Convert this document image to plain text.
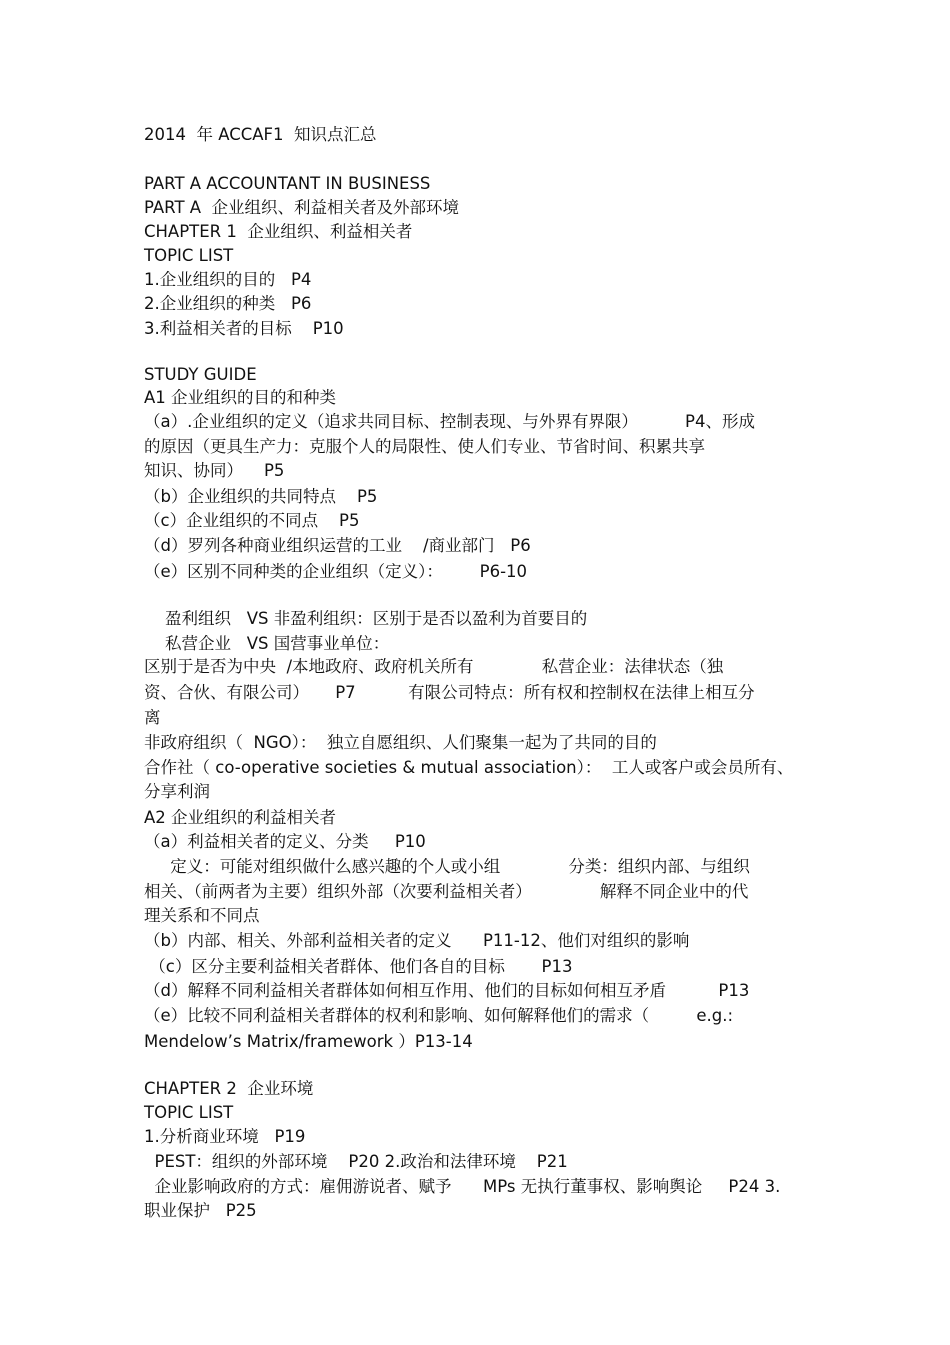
2014  年 ACCAF1  知识点汇总
PART A ACCOUNTANT IN BUSINESS
PART A  企业组织、利益相关者及外部环境
CHAPTER 1  企业组织、利益相关者
TOPIC LIST
1.企业组织的目的   P4
2.企业组织的种类   P6
3.利益相关者的目标    P10
STUDY GUIDE
A1 企业组织的目的和种类
（a）.企业组织的定义（追求共同目标、控制表现、与外界有界限）         P4、形成
的原因（更具生产力：克服个人的局限性、使人们专业、节省时间、积累共享
知识、协同）    P5
（b）企业组织的共同特点    P5
（c）企业组织的不同点    P5
（d）罗列各种商业组织运营的工业    /商业部门   P6
（e）区别不同种类的企业组织（定义）：       P6-10
盈利组织   VS 非盈利组织：区别于是否以盈利为首要目的
私营企业   VS 国营事业单位：
区别于是否为中央  /本地政府、政府机关所有             私营企业：法律状态（独
资、合伙、有限公司）     P7          有限公司特点：所有权和控制权在法律上相互分
离
非政府组织（  NGO）：  独立自愿组织、人们聚集一起为了共同的目的
合作社（ co-operative societies & mutual association）：  工人或客户或会员所有、
分享利润
A2 企业组织的利益相关者
（a）利益相关者的定义、分类     P10
定义：可能对组织做什么感兴趣的个人或小组             分类：组织内部、与组织
相关、（前两者为主要）组织外部（次要利益相关者）             解释不同企业中的代
理关系和不同点
（b）内部、相关、外部利益相关者的定义      P11-12、他们对组织的影响
（c）区分主要利益相关者群体、他们各自的目标       P13
（d）解释不同利益相关者群体如何相互作用、他们的目标如何相互矛盾          P13
（e）比较不同利益相关者群体的权利和影响、如何解释他们的需求（         e.g.:
Mendelow’s Matrix/framework ）P13-14
CHAPTER 2  企业环境
TOPIC LIST
1.分析商业环境   P19
PEST：组织的外部环境    P20 2.政治和法律环境    P21
企业影响政府的方式：雇佣游说者、赋予      MPs 无执行董事权、影响舆论     P24 3.
职业保护   P25
